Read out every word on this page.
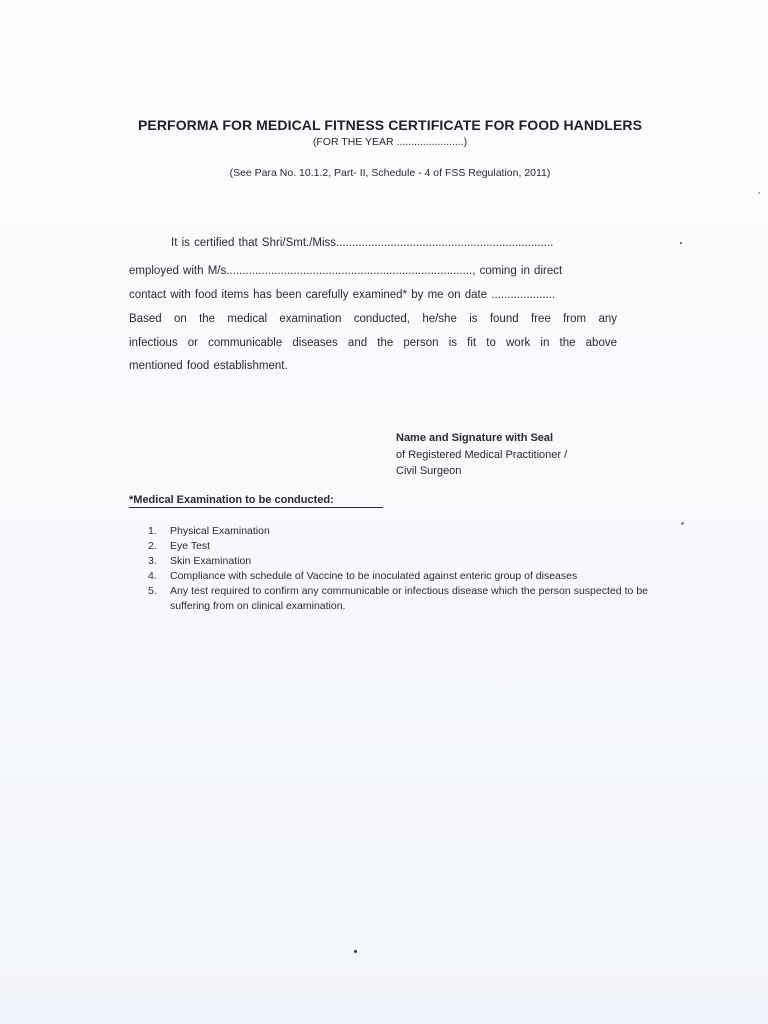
PERFORMA FOR MEDICAL FITNESS CERTIFICATE FOR FOOD HANDLERS
(FOR THE YEAR .......................)
(See Para No. 10.1.2, Part- II, Schedule - 4 of FSS Regulation, 2011)
It is certified that Shri/Smt./Miss....................................................................
employed with M/s............................................................................., coming in direct
contact with food items has been carefully examined* by me on date ....................
Based on the medical examination conducted, he/she is found free from any
infectious or communicable diseases and the person is fit to work in the above
mentioned food establishment.
Name and Signature with Seal
of Registered Medical Practitioner /
Civil Surgeon
*Medical Examination to be conducted:
1. Physical Examination
2. Eye Test
3. Skin Examination
4. Compliance with schedule of Vaccine to be inoculated against enteric group of diseases
5. Any test required to confirm any communicable or infectious disease which the person suspected to be suffering from on clinical examination.
